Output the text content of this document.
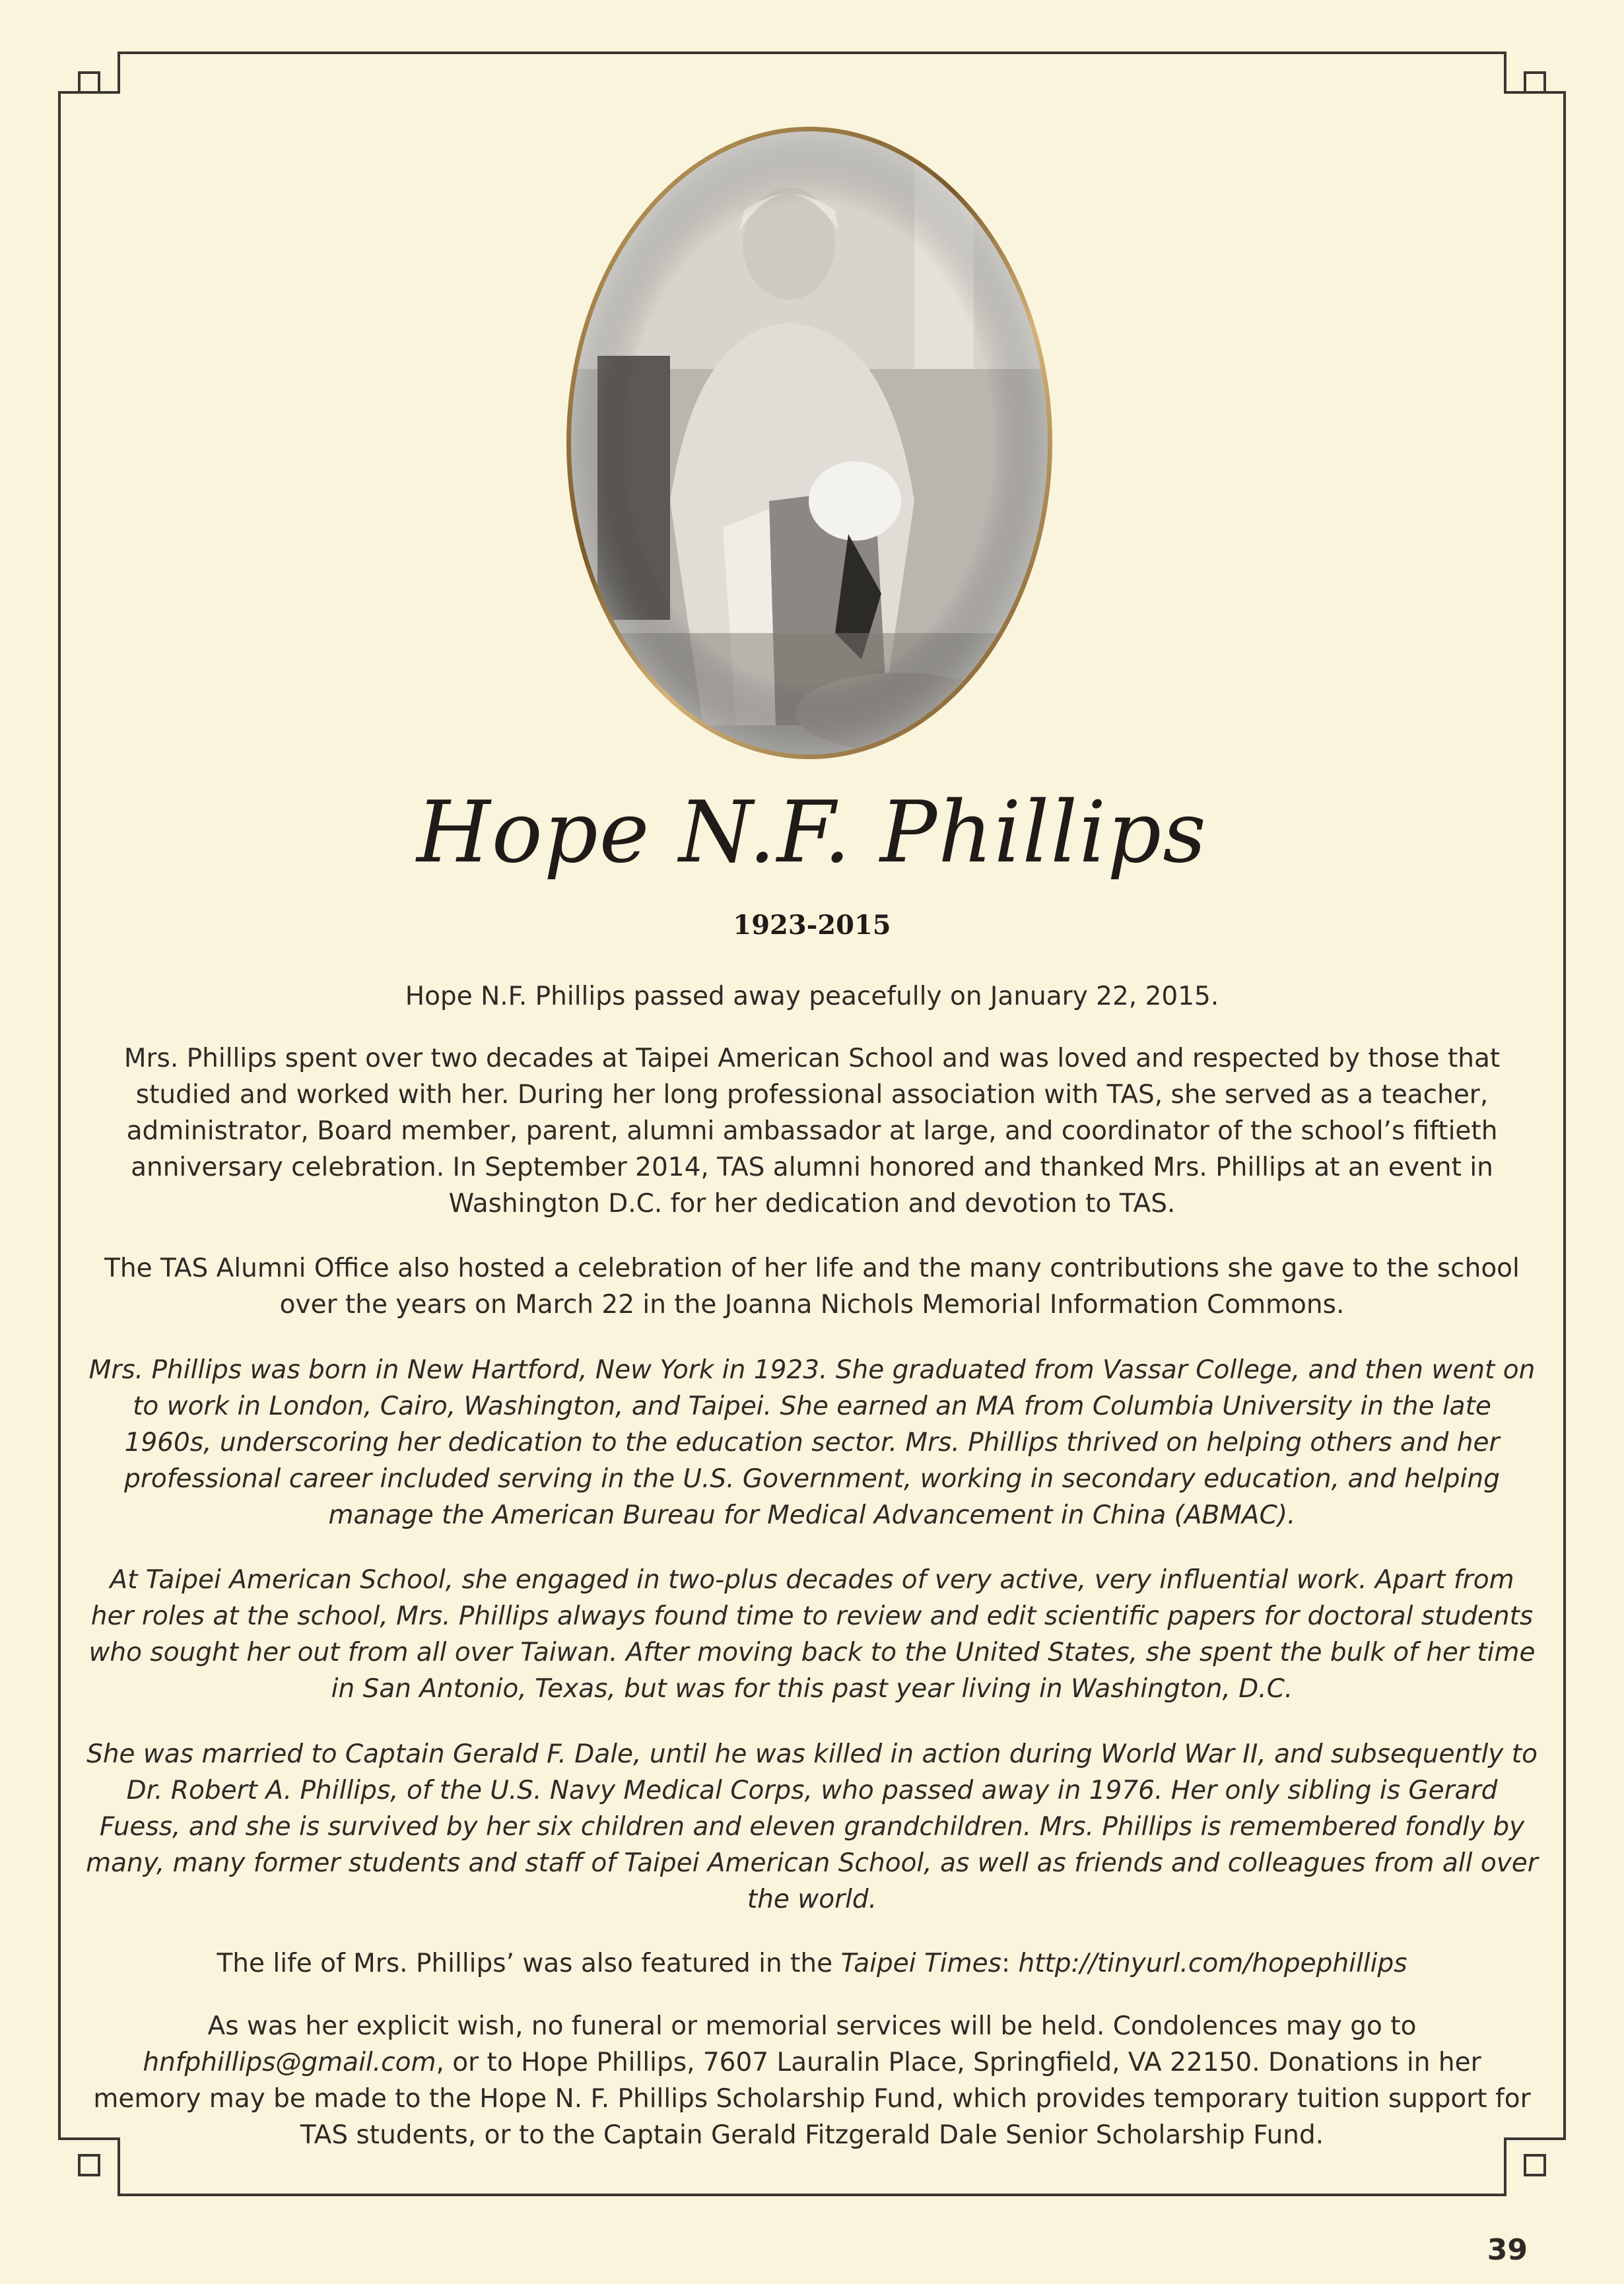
Hope N.F. Phillips
1923-2015

Hope N.F. Phillips passed away peacefully on January 22, 2015.

Mrs. Phillips spent over two decades at Taipei American School and was loved and respected by those that studied and worked with her. During her long professional association with TAS, she served as a teacher, administrator, Board member, parent, alumni ambassador at large, and coordinator of the school’s fiftieth anniversary celebration. In September 2014, TAS alumni honored and thanked Mrs. Phillips at an event in Washington D.C. for her dedication and devotion to TAS.

The TAS Alumni Office also hosted a celebration of her life and the many contributions she gave to the school over the years on March 22 in the Joanna Nichols Memorial Information Commons.

Mrs. Phillips was born in New Hartford, New York in 1923. She graduated from Vassar College, and then went on to work in London, Cairo, Washington, and Taipei. She earned an MA from Columbia University in the late 1960s, underscoring her dedication to the education sector. Mrs. Phillips thrived on helping others and her professional career included serving in the U.S. Government, working in secondary education, and helping manage the American Bureau for Medical Advancement in China (ABMAC).

At Taipei American School, she engaged in two-plus decades of very active, very influential work. Apart from her roles at the school, Mrs. Phillips always found time to review and edit scientific papers for doctoral students who sought her out from all over Taiwan. After moving back to the United States, she spent the bulk of her time in San Antonio, Texas, but was for this past year living in Washington, D.C.

She was married to Captain Gerald F. Dale, until he was killed in action during World War II, and subsequently to Dr. Robert A. Phillips, of the U.S. Navy Medical Corps, who passed away in 1976. Her only sibling is Gerard Fuess, and she is survived by her six children and eleven grandchildren. Mrs. Phillips is remembered fondly by many, many former students and staff of Taipei American School, as well as friends and colleagues from all over the world.

The life of Mrs. Phillips’ was also featured in the Taipei Times: http://tinyurl.com/hopephillips

As was her explicit wish, no funeral or memorial services will be held. Condolences may go to hnfphillips@gmail.com, or to Hope Phillips, 7607 Lauralin Place, Springfield, VA 22150. Donations in her memory may be made to the Hope N. F. Phillips Scholarship Fund, which provides temporary tuition support for TAS students, or to the Captain Gerald Fitzgerald Dale Senior Scholarship Fund.

39
